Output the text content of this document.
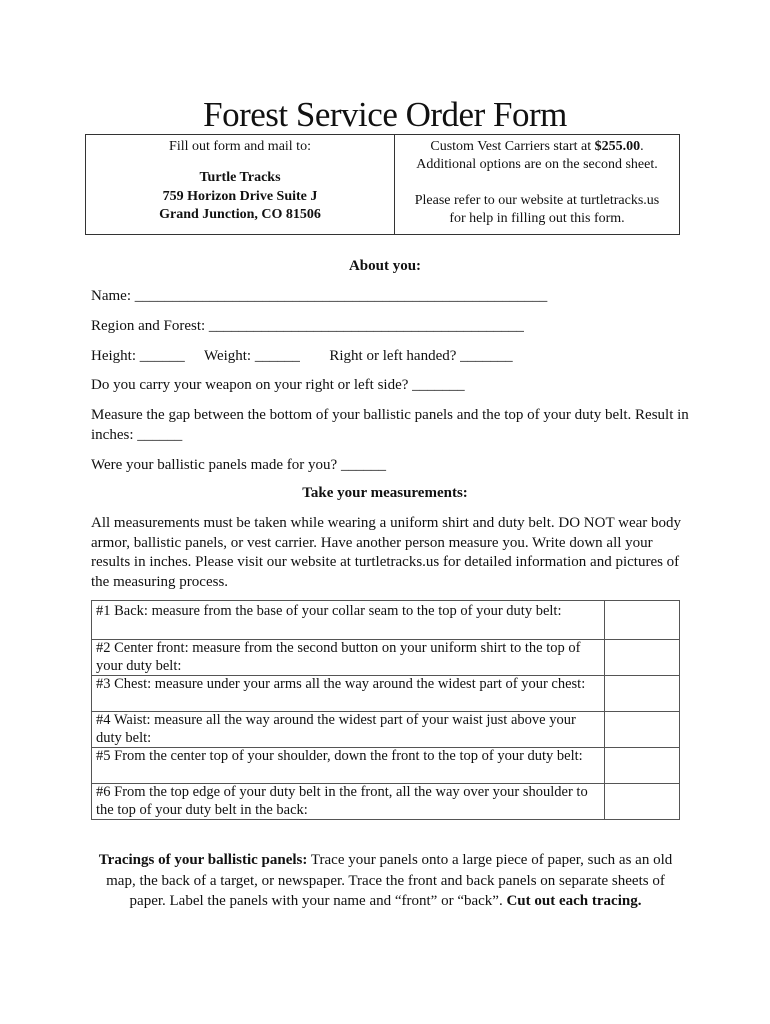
Forest Service Order Form
Fill out form and mail to:
Turtle Tracks
759 Horizon Drive Suite J
Grand Junction, CO 81506
Custom Vest Carriers start at $255.00.
Additional options are on the second sheet.
Please refer to our website at turtletracks.us
for help in filling out this form.
About you:
Name: _______________________________________________________
Region and Forest: __________________________________________
Height: ______ Weight: ______ Right or left handed? _______
Do you carry your weapon on your right or left side? _______
Measure the gap between the bottom of your ballistic panels and the top of your duty belt. Result in inches: ______
Were your ballistic panels made for you? ______
Take your measurements:
All measurements must be taken while wearing a uniform shirt and duty belt. DO NOT wear body armor, ballistic panels, or vest carrier. Have another person measure you. Write down all your results in inches. Please visit our website at turtletracks.us for detailed information and pictures of the measuring process.
#1 Back: measure from the base of your collar seam to the top of your duty belt:	
#2 Center front: measure from the second button on your uniform shirt to the top of your duty belt:	
#3 Chest: measure under your arms all the way around the widest part of your chest:	
#4 Waist: measure all the way around the widest part of your waist just above your duty belt:	
#5 From the center top of your shoulder, down the front to the top of your duty belt:	
#6 From the top edge of your duty belt in the front, all the way over your shoulder to the top of your duty belt in the back:	
Tracings of your ballistic panels: Trace your panels onto a large piece of paper, such as an old map, the back of a target, or newspaper. Trace the front and back panels on separate sheets of paper. Label the panels with your name and “front” or “back”. Cut out each tracing.
